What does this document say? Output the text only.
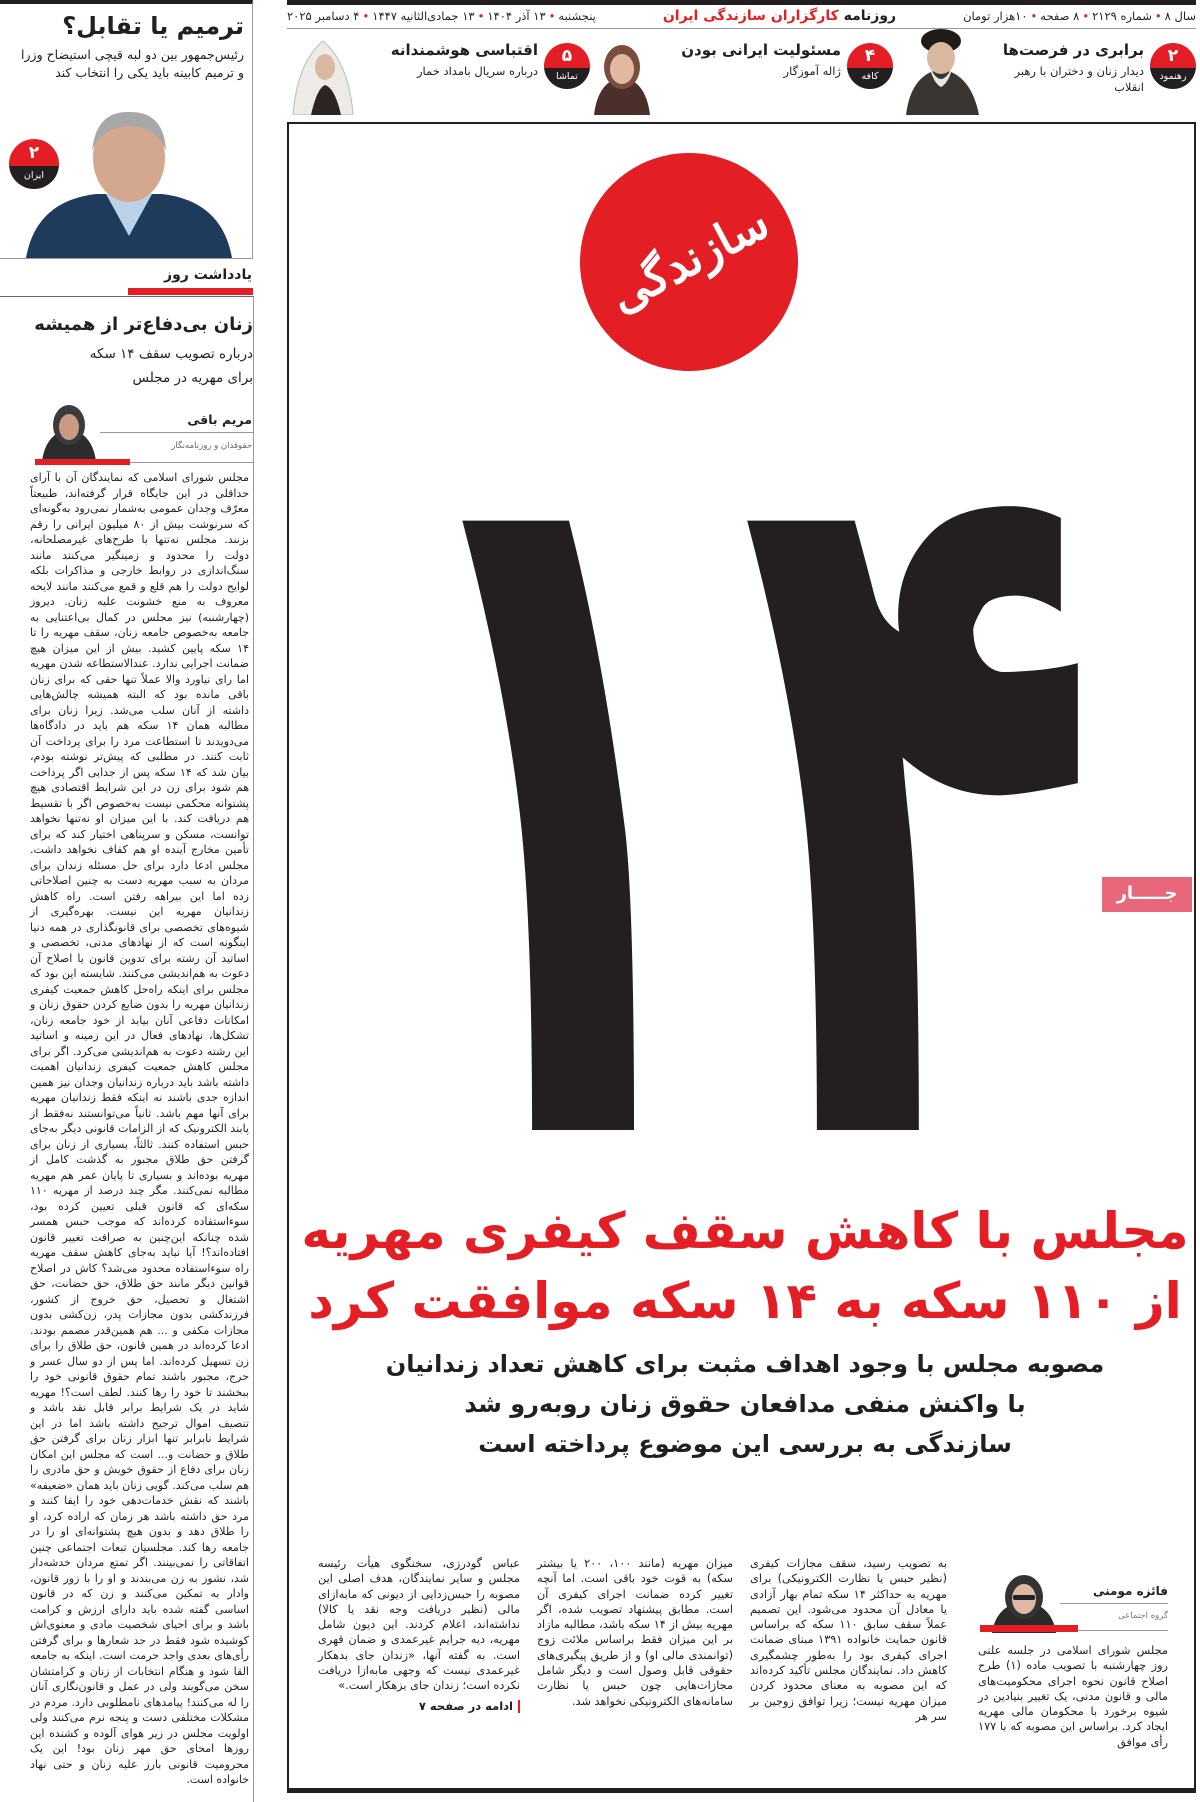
سال ۸•شماره ۲۱۲۹•۸ صفحه•۱۰هزار تومان
روزنامه کارگزاران سازندگی ایران
پنجشنبه•۱۳ آذر ۱۴۰۴•۱۳ جمادی‌الثانیه ۱۴۴۷•۴ دسامبر ۲۰۲۵
۲
رهنمود
برابری در فرصت‌ها
دیدار زنان و دختران با رهبر انقلاب
۴
کافه
مسئولیت ایرانی بودن
ژاله آموزگار
۵
تماشا
اقتباسی هوشمندانه
درباره سریال بامداد خمار
ترمیم یا تقابل؟
رئیس‌جمهور بین دو لبه قیچی استیضاح وزرا
و ترمیم کابینه باید یکی را انتخاب کند
۲
ایران
یادداشت روز
زنان بی‌دفاع‌تر از همیشه
درباره تصویب سقف ۱۴ سکه
برای مهریه در مجلس
مریم باقی
حقوقدان و روزنامه‌نگار
مجلس شورای اسلامی که نمایندگان آن با آرای حداقلی در این جایگاه قرار گرفته‌اند، طبیعتاً معرّف وجدان عمومی به‌شمار نمی‌رود به‌گونه‌ای که سرنوشت بیش از ۸۰ میلیون ایرانی را رقم بزنند. مجلس نه‌تنها با طرح‌های غیرمصلحانه، دولت را محدود و زمینگیر می‌کنند مانند سنگ‌اندازی در روابط خارجی و مذاکرات بلکه لوایح دولت را هم قلع و قمع می‌کنند مانند لایحه معروف به منع خشونت علیه زنان. دیروز (چهارشنبه) نیز مجلس در کمال بی‌اعتنایی به جامعه به‌خصوص جامعه زنان، سقف مهریه را تا ۱۴ سکه پایین کشید. بیش از این میزان هیچ ضمانت اجرایی ندارد. عندالاستطاعه شدن مهریه اما رای نیاورد والا عملاً تنها حقی که برای زنان باقی مانده بود که البته همیشه چالش‌هایی داشته از آنان سلب می‌شد. زیرا زنان برای مطالبه همان ۱۴ سکه هم باید در دادگاه‌ها می‌دویدند تا استطاعت مرد را برای پرداخت آن ثابت کنند. در مطلبی که پیش‌تر نوشته بودم، بیان شد که ۱۴ سکه پس از جدایی اگر پرداخت هم شود برای زن در این شرایط اقتصادی هیچ پشتوانه محکمی نیست به‌خصوص اگر با تقسیط هم دریافت کند. با این میزان او نه‌تنها نخواهد توانست، مسکن و سرپناهی اختیار کند که برای تأمین مخارج آینده او هم کفاف نخواهد داشت. مجلس ادعا دارد برای حل مسئله زندان برای مردان به سبب مهریه دست به چنین اصلاحاتی زده اما این بیراهه رفتن است. راه کاهش زندانیان مهریه این نیست. بهره‌گیری از شیوه‌های تخصصی برای قانونگذاری در همه دنیا اینگونه است که از نهادهای مدنی، تخصصی و اساتید آن رشته برای تدوین قانون یا اصلاح آن دعوت به هم‌اندیشی می‌کنند. شایسته این بود که مجلس برای اینکه راه‌حل کاهش جمعیت کیفری زندانیان مهریه را بدون ضایع کردن حقوق زنان و امکانات دفاعی آنان بیابد از خود جامعه زنان، تشکل‌ها، نهادهای فعال در این زمینه و اساتید این رشته دعوت به هم‌اندیشی می‌کرد. اگر برای مجلس کاهش جمعیت کیفری زندانیان اهمیت داشته باشد باید درباره زندانیان وجدان نیز همین اندازه جدی باشند نه اینکه فقط زندانیان مهریه برای آنها مهم باشد. ثانیاً می‌توانستند نه‌فقط از پابند الکترونیک که از الزامات قانونی دیگر به‌جای حبس استفاده کنند. ثالثاً، بسیاری از زنان برای گرفتن حق طلاق مجبور به گذشت کامل از مهریه بوده‌اند و بسیاری تا پایان عمر هم مهریه مطالبه نمی‌کنند. مگر چند درصد از مهریه ۱۱۰ سکه‌ای که قانون قبلی تعیین کرده بود، سوءاستفاده کرده‌اند که موجب حبس همسر شده چنانکه این‌چنین به صرافت تغییر قانون افتاده‌اند؟! آیا نباید به‌جای کاهش سقف مهریه راه سوءاستفاده محدود می‌شد؟ کاش در اصلاح قوانین دیگر مانند حق طلاق، حق حضانت، حق اشتغال و تحصیل، حق خروج از کشور، فرزندکشی بدون مجازات پدر، زن‌کشی بدون مجازات مکفی و ... هم همین‌قدر مصمم بودند. ادعا کرده‌اند در همین قانون، حق طلاق را برای زن تسهیل کرده‌اند. اما پس از دو سال عسر و حرج، مجبور باشند تمام حقوق قانونی خود را ببخشند تا خود را رها کنند. لطف است؟! مهریه شاید در یک شرایط برابر قابل نقد باشد و تنصیف اموال ترجیح داشته باشد اما در این شرایط نابرابر تنها ابزار زنان برای گرفتن حق طلاق و حضانت و... است که مجلس این امکان زنان برای دفاع از حقوق خویش و حق مادری را هم سلب می‌کند. گویی زنان باید همان «ضعیفه» باشند که نقش خدمات‌دهی خود را ایفا کنند و مرد حق داشته باشد هر زمان که اراده کرد، او را طلاق دهد و بدون هیچ پشتوانه‌ای او را در جامعه رها کند. مجلسیان تبعات اجتماعی چنین اتفاقاتی را نمی‌بینند. اگر تمتع مردان خدشه‌دار شد، نشوز به زن می‌بندند و او را با زور قانون، وادار به تمکین می‌کنند و زن که در قانون اساسی گفته شده باید دارای ارزش و کرامت باشد و برای احیای شخصیت مادی و معنوی‌اش کوشیده شود فقط در حد شعارها و برای گرفتن رأی‌های بعدی واجد حرمت است. اینکه به جامعه القا شود و هنگام انتخابات از زنان و کرامتشان سخن می‌گویند ولی در عمل و قانون‌نگاری آنان را له می‌کنند! پیامدهای نامطلوبی دارد. مردم در مشکلات مختلفی دست و پنجه نرم می‌کنند ولی اولویت مجلس در زیر هوای آلوده و کشنده این روزها امحای حق مهر زنان بود! این یک محرومیت قانونی بارز علیه زنان و حتی نهاد خانواده است.
سازندگی
۱۴ جـــــار
مجلس با کاهش سقف کیفری مهریه
از ۱۱۰ سکه به ۱۴ سکه موافقت کرد
مصوبه مجلس با وجود اهداف مثبت برای کاهش تعداد زندانیان
با واکنش منفی مدافعان حقوق زنان روبه‌رو شد
سازندگی به بررسی این موضوع پرداخته است
فائزه مومنی
گروه اجتماعی
مجلس شورای اسلامی در جلسه علنی روز چهارشنبه با تصویب ماده (۱) طرح اصلاح قانون نحوه اجرای محکومیت‌های مالی و قانون مدنی، یک تغییر بنیادین در شیوه برخورد با محکومان مالی مهریه ایجاد کرد. براساس این مصوبه که با ۱۷۷ رأی موافق
به تصویب رسید، سقف مجازات کیفری (نظیر حبس یا نظارت الکترونیکی) برای مهریه به حداکثر ۱۴ سکه تمام بهار آزادی یا معادل آن محدود می‌شود. این تصمیم عملاً سقف سابق ۱۱۰ سکه که براساس قانون حمایت خانواده ۱۳۹۱ مبنای ضمانت اجرای کیفری بود را به‌طور چشمگیری کاهش داد. نمایندگان مجلس تأکید کرده‌اند که این مصوبه به معنای محدود کردن میزان مهریه نیست؛ زیرا توافق زوجین بر سر هر
میزان مهریه (مانند ۱۰۰، ۲۰۰ یا بیشتر سکه) به قوت خود باقی است. اما آنچه تغییر کرده ضمانت اجرای کیفری آن است. مطابق پیشنهاد تصویب شده، اگر مهریه بیش از ۱۴ سکه باشد، مطالبه مازاد بر این میزان فقط براساس ملائت زوج (توانمندی مالی او) و از طریق پیگیری‌های حقوقی قابل وصول است و دیگر شامل مجازات‌هایی چون حبس یا نظارت سامانه‌های الکترونیکی نخواهد شد.
عباس گودرزی، سخنگوی هیأت رئیسه مجلس و سایر نمایندگان، هدف اصلی این مصوبه را حبس‌زدایی از دیونی که مابه‌ازای مالی (نظیر دریافت وجه نقد یا کالا) نداشته‌اند، اعلام کردند. این دیون شامل مهریه، دیه جرایم غیرعمدی و ضمان قهری است. به گفته آنها، «زندان جای بدهکار غیرعمدی نیست که وجهی مابه‌ازا دریافت نکرده است؛ زندان جای بزهکار است.»
ادامه در صفحه ۷
